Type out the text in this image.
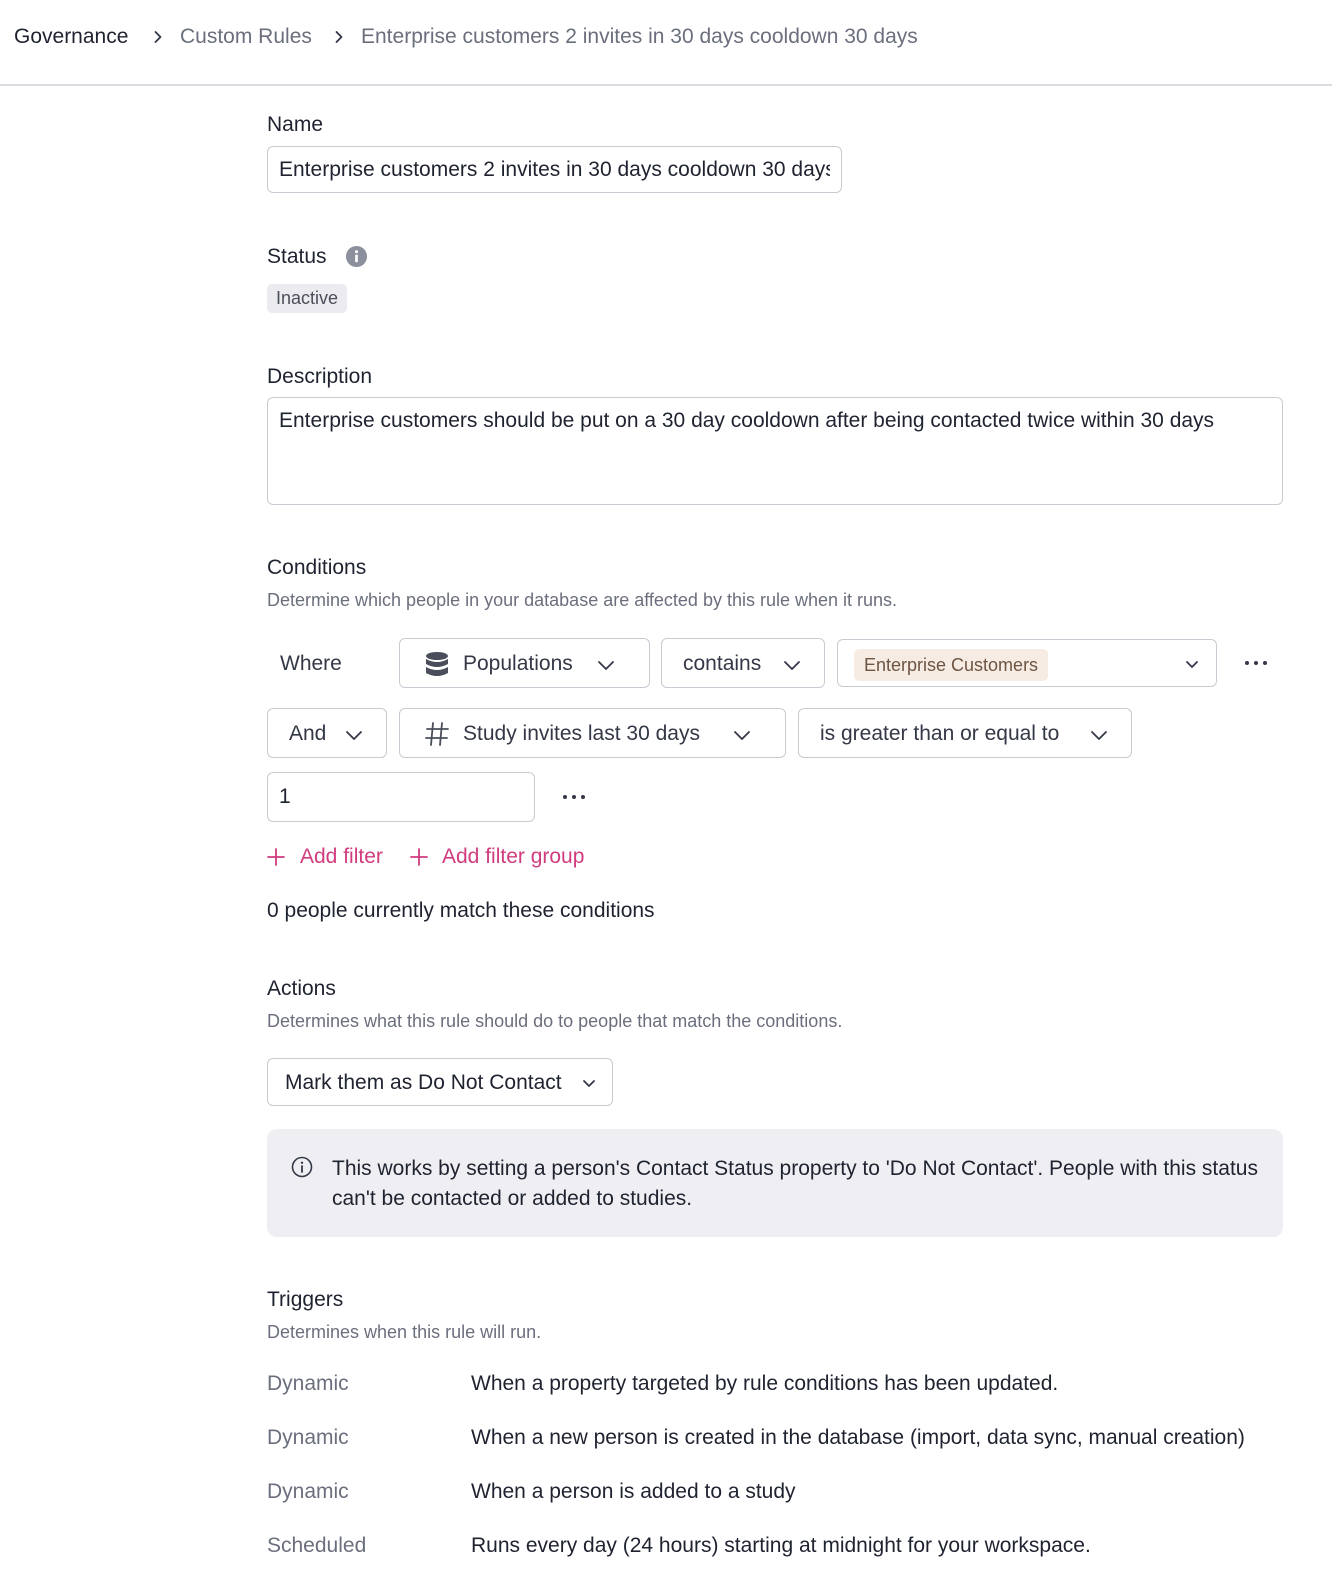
Governance Custom Rules Enterprise customers 2 invites in 30 days cooldown 30 days
Name
Enterprise customers 2 invites in 30 days cooldown 30 days
Status
Inactive
Description
Enterprise customers should be put on a 30 day cooldown after being contacted twice within 30 days
Conditions
Determine which people in your database are affected by this rule when it runs.
Where	Populations	contains	Enterprise Customers
And	Study invites last 30 days	is greater than or equal to
1
Add filter	Add filter group
0 people currently match these conditions
Actions
Determines what this rule should do to people that match the conditions.
Mark them as Do Not Contact
This works by setting a person's Contact Status property to 'Do Not Contact'. People with this status can't be contacted or added to studies.
Triggers
Determines when this rule will run.
Dynamic	When a property targeted by rule conditions has been updated.
Dynamic	When a new person is created in the database (import, data sync, manual creation)
Dynamic	When a person is added to a study
Scheduled	Runs every day (24 hours) starting at midnight for your workspace.
